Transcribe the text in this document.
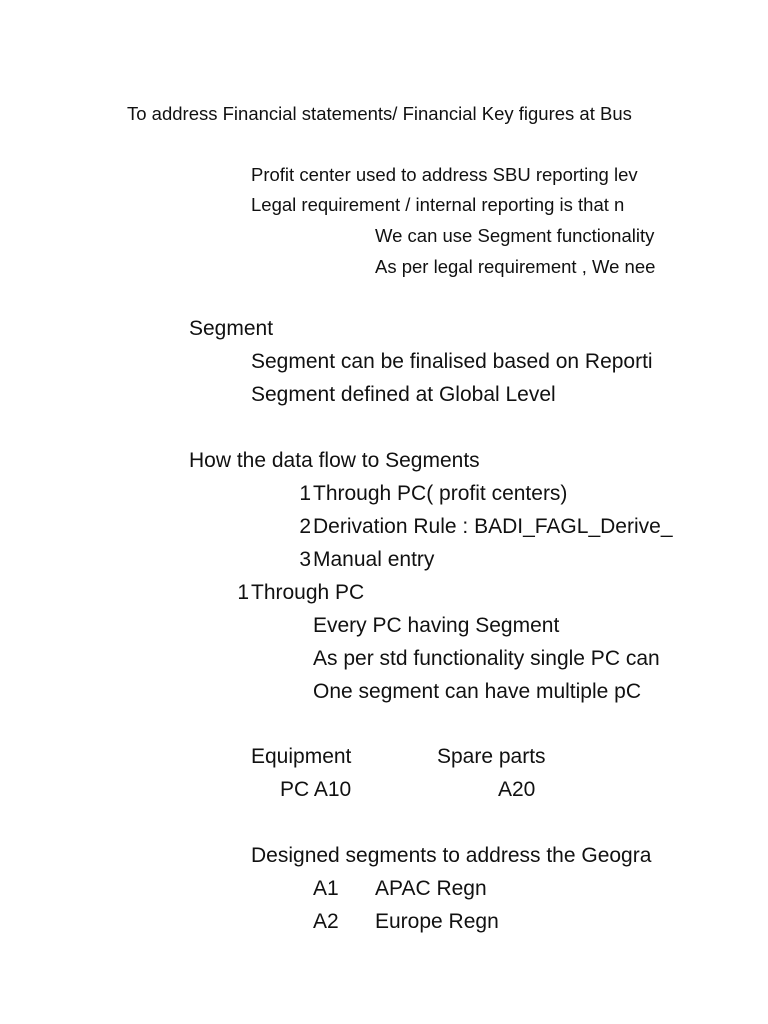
To address Financial statements/ Financial Key figures at Bus
Profit center used to address SBU reporting lev
Legal requirement / internal reporting is that n
We can use Segment functionality
As per legal requirement , We nee
Segment
Segment can be finalised based on Reporti
Segment defined at Global Level
How the data flow to Segments
1 Through PC( profit centers)
2 Derivation Rule : BADI_FAGL_Derive_
3 Manual entry
1 Through PC
Every PC having Segment
As per std functionality single PC can
One segment can have multiple pC
Equipment	Spare parts
PC A10	A20
Designed segments to address the Geogra
A1 APAC Regn
A2 Europe Regn
